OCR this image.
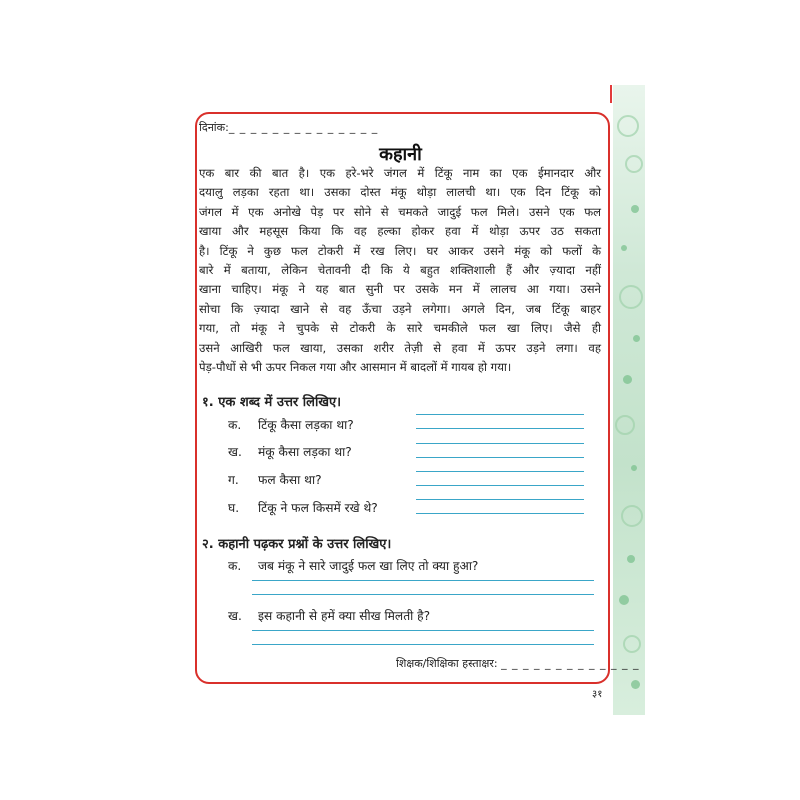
दिनांक:_ _ _ _ _ _ _ _ _ _ _ _ _ _
कहानी
एक बार की बात है। एक हरे-भरे जंगल में टिंकू नाम का एक ईमानदार और
दयालु लड़का रहता था। उसका दोस्त मंकू थोड़ा लालची था। एक दिन टिंकू को
जंगल में एक अनोखे पेड़ पर सोने से चमकते जादुई फल मिले। उसने एक फल
खाया और महसूस किया कि वह हल्का होकर हवा में थोड़ा ऊपर उठ सकता
है। टिंकू ने कुछ फल टोकरी में रख लिए। घर आकर उसने मंकू को फलों के
बारे में बताया, लेकिन चेतावनी दी कि ये बहुत शक्तिशाली हैं और ज़्यादा नहीं
खाना चाहिए। मंकू ने यह बात सुनी पर उसके मन में लालच आ गया। उसने
सोचा कि ज़्यादा खाने से वह ऊँचा उड़ने लगेगा। अगले दिन, जब टिंकू बाहर
गया, तो मंकू ने चुपके से टोकरी के सारे चमकीले फल खा लिए। जैसे ही
उसने आखिरी फल खाया, उसका शरीर तेज़ी से हवा में ऊपर उड़ने लगा। वह
पेड़-पौधों से भी ऊपर निकल गया और आसमान में बादलों में गायब हो गया।
१. एक शब्द में उत्तर लिखिए।
क. टिंकू कैसा लड़का था?
ख. मंकू कैसा लड़का था?
ग. फल कैसा था?
घ. टिंकू ने फल किसमें रखे थे?
२. कहानी पढ़कर प्रश्नों के उत्तर लिखिए।
क. जब मंकू ने सारे जादुई फल खा लिए तो क्या हुआ?
ख. इस कहानी से हमें क्या सीख मिलती है?
शिक्षक/शिक्षिका हस्ताक्षर: _ _ _ _ _ _ _ _ _ _ _ _ _
३१
